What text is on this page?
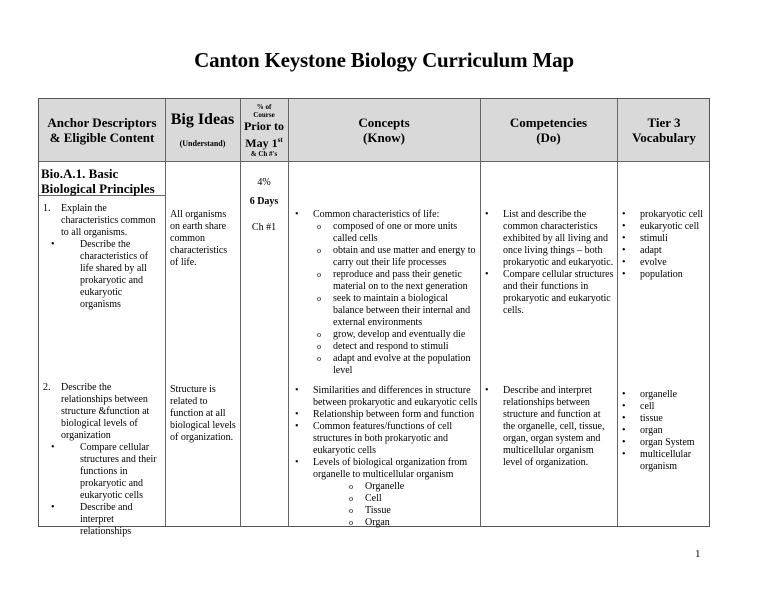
Canton Keystone Biology Curriculum Map
Anchor Descriptors & Eligible Content
Big Ideas
(Understand)
% of
Course
Prior to
May 1st
& Ch #'s
Concepts
(Know)
Competencies
(Do)
Tier 3
Vocabulary
Bio.A.1. Basic Biological Principles	4%
1. Explain the characteristics common to all organisms.
• Describe the characteristics of life shared by all prokaryotic and eukaryotic organisms
All organisms on earth share common characteristics of life.
6 Days
Ch #1
• Common characteristics of life:
o composed of one or more units called cells
o obtain and use matter and energy to carry out their life processes
o reproduce and pass their genetic material on to the next generation
o seek to maintain a biological balance between their internal and external environments
o grow, develop and eventually die
o detect and respond to stimuli
o adapt and evolve at the population level
• List and describe the common characteristics exhibited by all living and once living things – both prokaryotic and eukaryotic.
• Compare cellular structures and their functions in prokaryotic and eukaryotic cells.
• prokaryotic cell
• eukaryotic cell
• stimuli
• adapt
• evolve
• population
2. Describe the relationships between structure &function at biological levels of organization
• Compare cellular structures and their functions in prokaryotic and eukaryotic cells
• Describe and interpret relationships
Structure is related to function at all biological levels of organization.
• Similarities and differences in structure between prokaryotic and eukaryotic cells
• Relationship between form and function
• Common features/functions of cell structures in both prokaryotic and eukaryotic cells
• Levels of biological organization from organelle to multicellular organism
o Organelle
o Cell
o Tissue
o Organ
• Describe and interpret relationships between structure and function at the organelle, cell, tissue, organ, organ system and multicellular organism level of organization.
• organelle
• cell
• tissue
• organ
• organ System
• multicellular organism
1
